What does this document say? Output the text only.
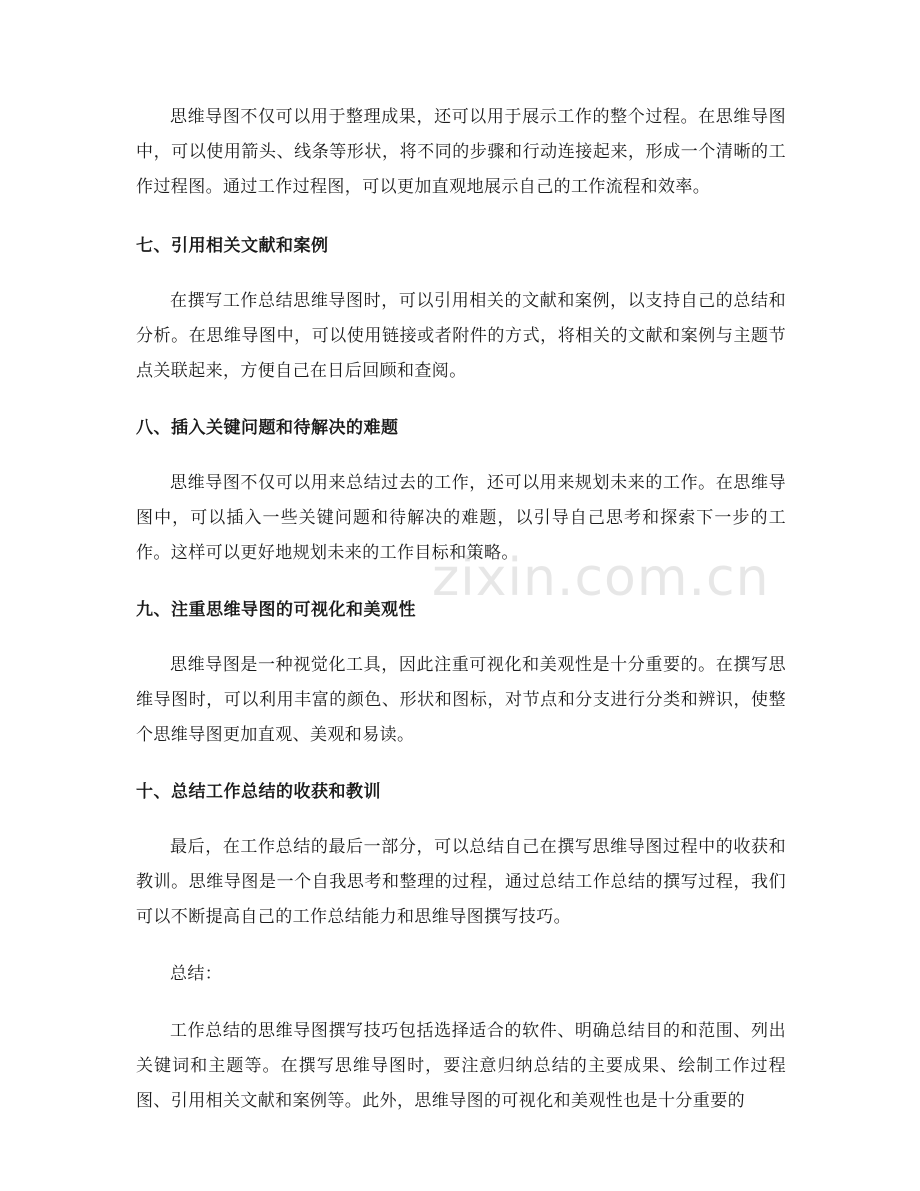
思维导图不仅可以用于整理成果，还可以用于展示工作的整个过程。在思维导图中，可以使用箭头、线条等形状，将不同的步骤和行动连接起来，形成一个清晰的工作过程图。通过工作过程图，可以更加直观地展示自己的工作流程和效率。

七、引用相关文献和案例

在撰写工作总结思维导图时，可以引用相关的文献和案例，以支持自己的总结和分析。在思维导图中，可以使用链接或者附件的方式，将相关的文献和案例与主题节点关联起来，方便自己在日后回顾和查阅。

八、插入关键问题和待解决的难题

思维导图不仅可以用来总结过去的工作，还可以用来规划未来的工作。在思维导图中，可以插入一些关键问题和待解决的难题，以引导自己思考和探索下一步的工作。这样可以更好地规划未来的工作目标和策略。

九、注重思维导图的可视化和美观性

思维导图是一种视觉化工具，因此注重可视化和美观性是十分重要的。在撰写思维导图时，可以利用丰富的颜色、形状和图标，对节点和分支进行分类和辨识，使整个思维导图更加直观、美观和易读。

十、总结工作总结的收获和教训

最后，在工作总结的最后一部分，可以总结自己在撰写思维导图过程中的收获和教训。思维导图是一个自我思考和整理的过程，通过总结工作总结的撰写过程，我们可以不断提高自己的工作总结能力和思维导图撰写技巧。

总结：

工作总结的思维导图撰写技巧包括选择适合的软件、明确总结目的和范围、列出关键词和主题等。在撰写思维导图时，要注意归纳总结的主要成果、绘制工作过程图、引用相关文献和案例等。此外，思维导图的可视化和美观性也是十分重要的

zixin.com.cn
